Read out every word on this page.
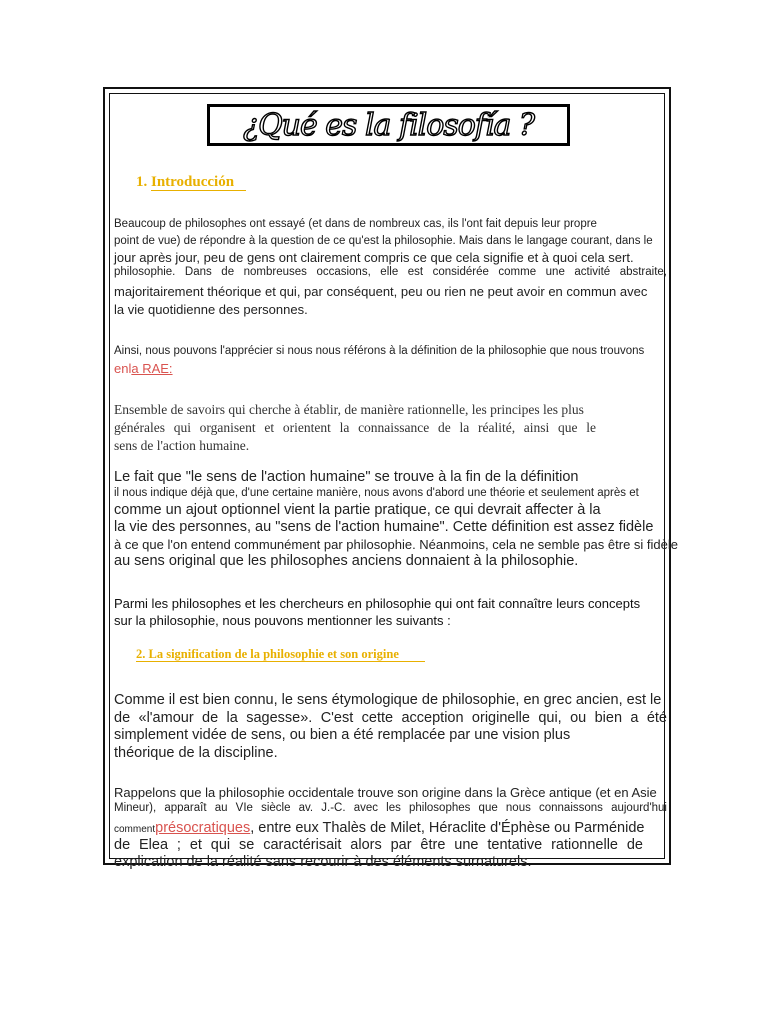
¿Qué es la filosofía ?
1. Introducción

Beaucoup de philosophes ont essayé (et dans de nombreux cas, ils l'ont fait depuis leur propre

point de vue) de répondre à la question de ce qu'est la philosophie. Mais dans le langage courant, dans le

jour après jour, peu de gens ont clairement compris ce que cela signifie et à quoi cela sert.

philosophie. Dans de nombreuses occasions, elle est considérée comme une activité abstraite,

majoritairement théorique et qui, par conséquent, peu ou rien ne peut avoir en commun avec

la vie quotidienne des personnes.

Ainsi, nous pouvons l'apprécier si nous nous référons à la définition de la philosophie que nous trouvons

enla RAE:

Ensemble de savoirs qui cherche à établir, de manière rationnelle, les principes les plus

générales qui organisent et orientent la connaissance de la réalité, ainsi que le

sens de l'action humaine.

Le fait que "le sens de l'action humaine" se trouve à la fin de la définition

il nous indique déjà que, d'une certaine manière, nous avons d'abord une théorie et seulement après et

comme un ajout optionnel vient la partie pratique, ce qui devrait affecter à la

la vie des personnes, au "sens de l'action humaine". Cette définition est assez fidèle

à ce que l'on entend communément par philosophie. Néanmoins, cela ne semble pas être si fidèle

au sens original que les philosophes anciens donnaient à la philosophie.

Parmi les philosophes et les chercheurs en philosophie qui ont fait connaître leurs concepts

sur la philosophie, nous pouvons mentionner les suivants :

2. La signification de la philosophie et son origine

Comme il est bien connu, le sens étymologique de philosophie, en grec ancien, est le

de «l'amour de la sagesse». C'est cette acception originelle qui, ou bien a été

simplement vidée de sens, ou bien a été remplacée par une vision plus

théorique de la discipline.

Rappelons que la philosophie occidentale trouve son origine dans la Grèce antique (et en Asie

Mineur), apparaît au VIe siècle av. J.-C. avec les philosophes que nous connaissons aujourd'hui

commentprésocratiques, entre eux Thalès de Milet, Héraclite d'Éphèse ou Parménide

de Elea ; et qui se caractérisait alors par être une tentative rationnelle de

explication de la réalité sans recourir à des éléments surnaturels.
